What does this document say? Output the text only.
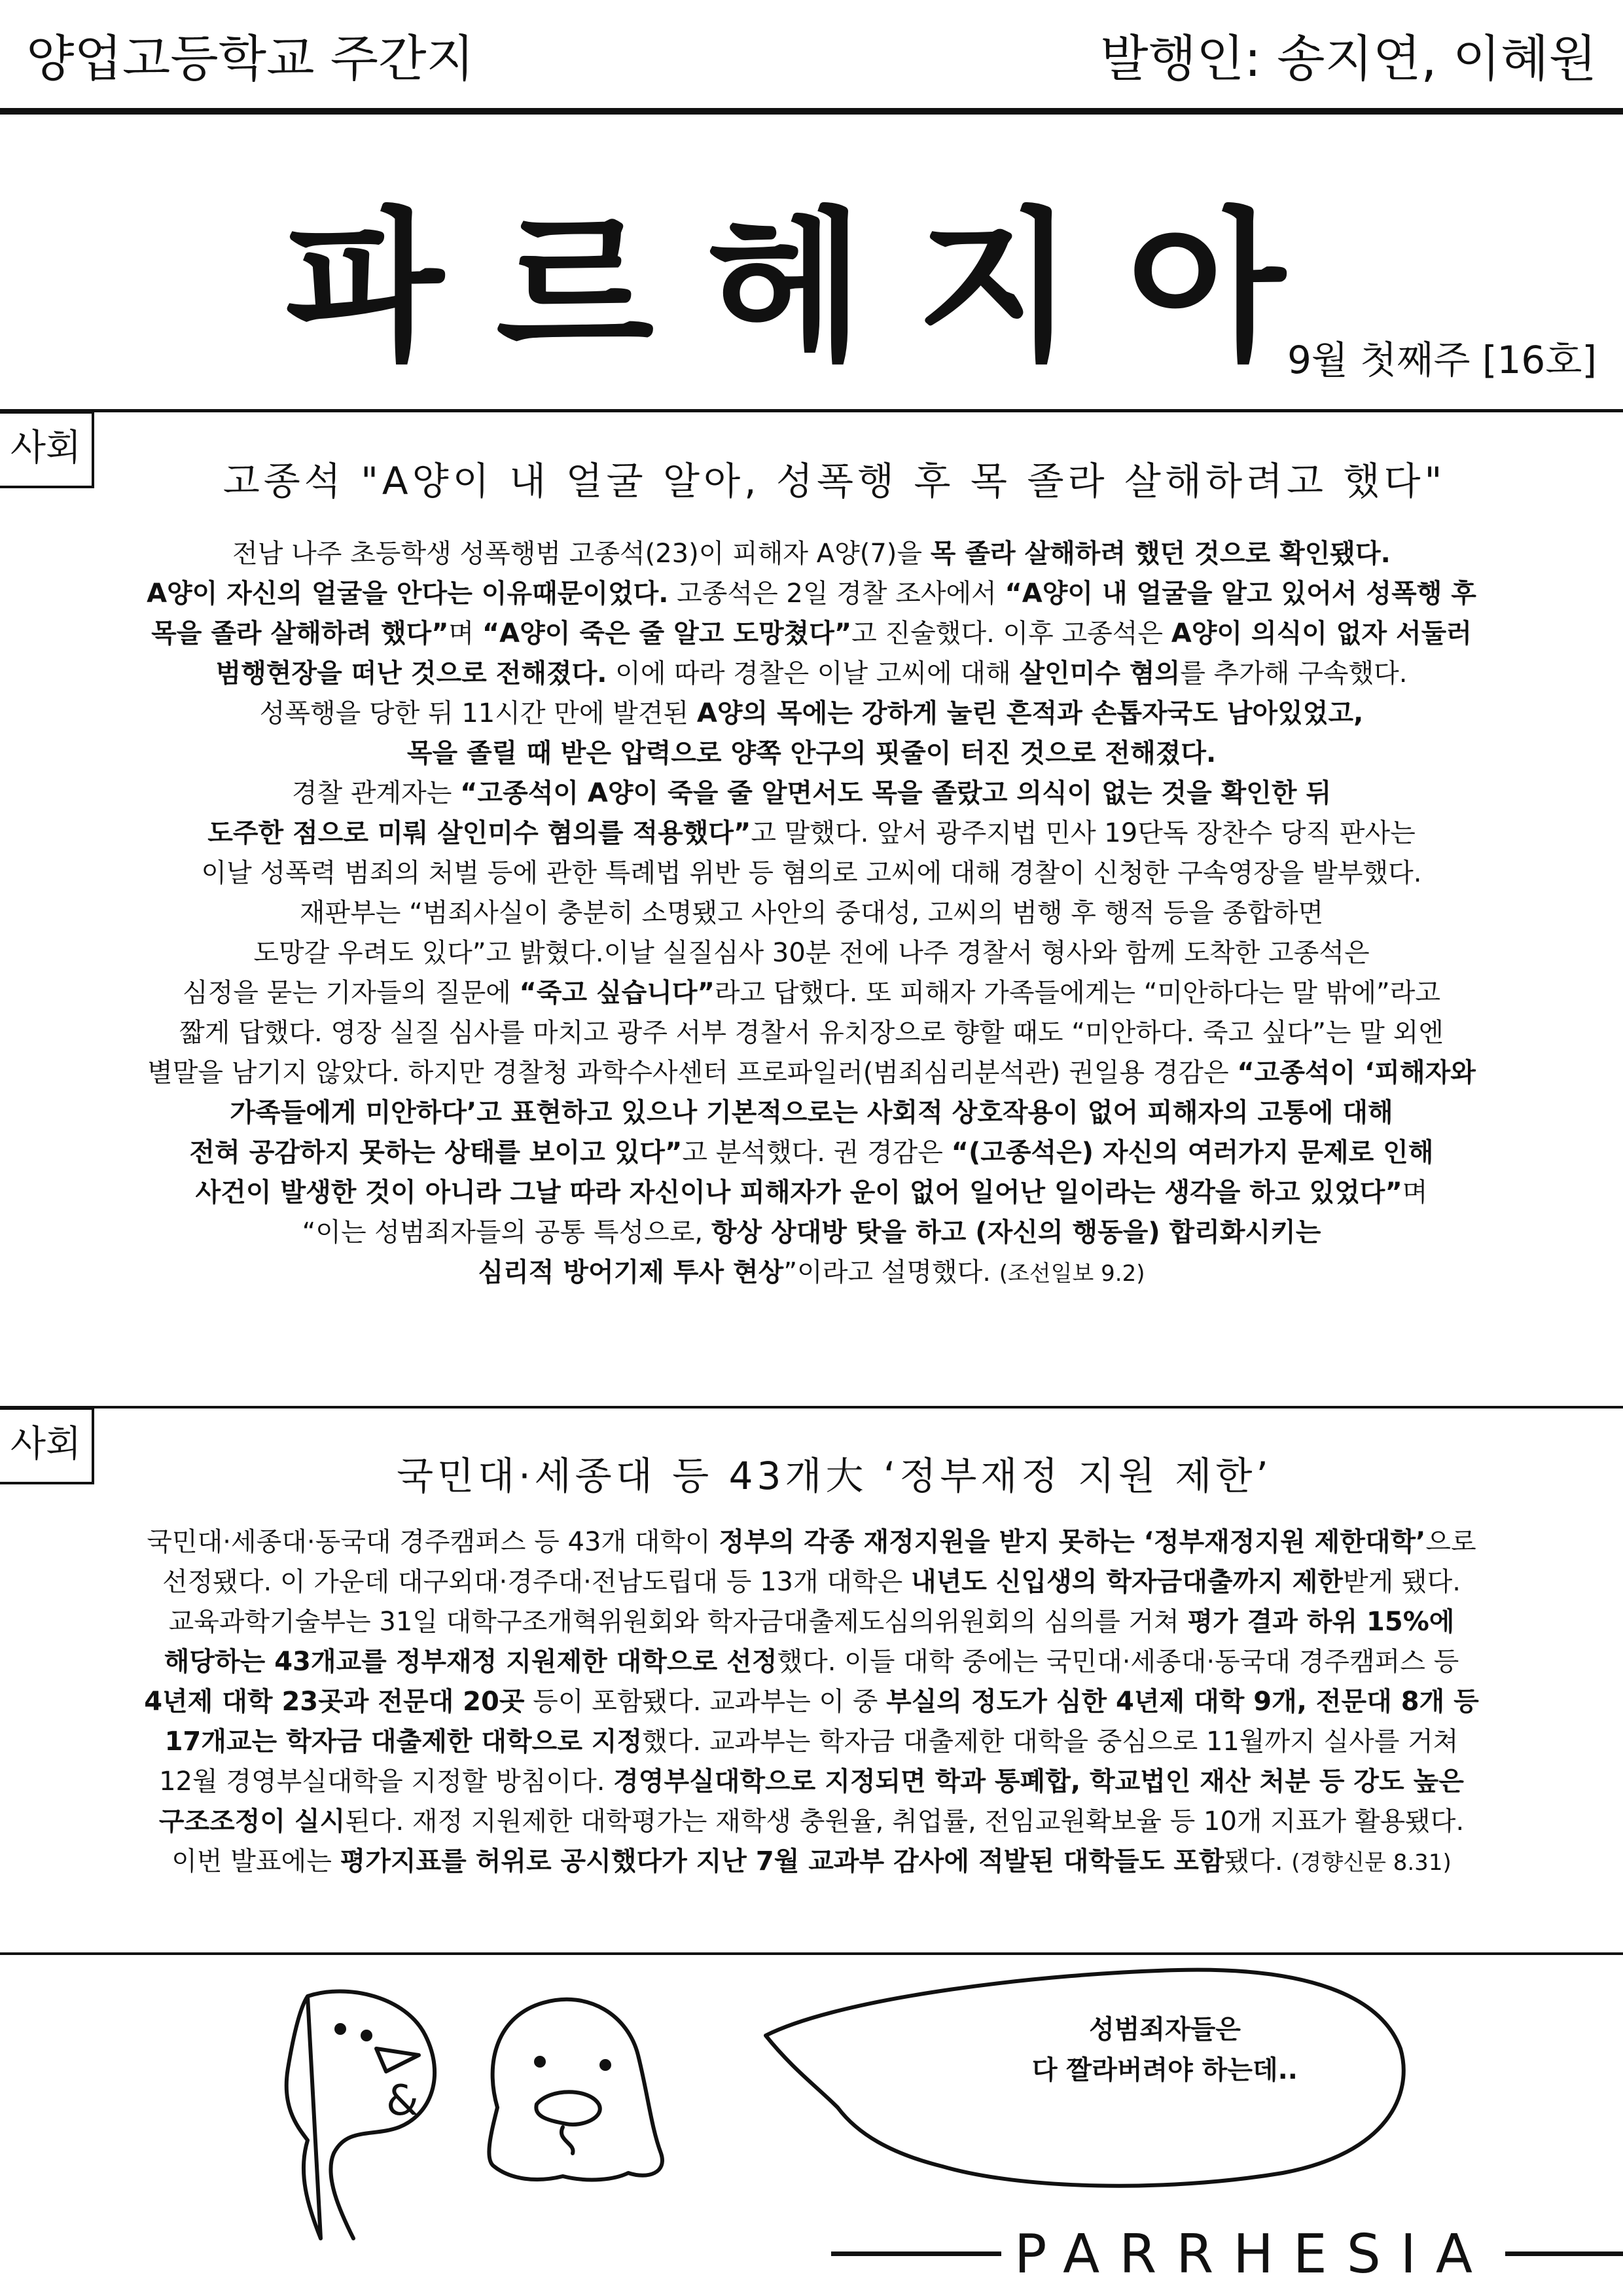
양업고등학교 주간지	발행인: 송지연, 이혜원
파르헤지아
9월 첫째주 [16호]
사회
고종석 "A양이 내 얼굴 알아, 성폭행 후 목 졸라 살해하려고 했다"

전남 나주 초등학생 성폭행범 고종석(23)이 피해자 A양(7)을 목 졸라 살해하려 했던 것으로 확인됐다.

A양이 자신의 얼굴을 안다는 이유때문이었다. 고종석은 2일 경찰 조사에서 “A양이 내 얼굴을 알고 있어서 성폭행 후

목을 졸라 살해하려 했다”며 “A양이 죽은 줄 알고 도망쳤다”고 진술했다. 이후 고종석은 A양이 의식이 없자 서둘러

범행현장을 떠난 것으로 전해졌다. 이에 따라 경찰은 이날 고씨에 대해 살인미수 혐의를 추가해 구속했다.

성폭행을 당한 뒤 11시간 만에 발견된 A양의 목에는 강하게 눌린 흔적과 손톱자국도 남아있었고,

목을 졸릴 때 받은 압력으로 양쪽 안구의 핏줄이 터진 것으로 전해졌다.

경찰 관계자는 “고종석이 A양이 죽을 줄 알면서도 목을 졸랐고 의식이 없는 것을 확인한 뒤

도주한 점으로 미뤄 살인미수 혐의를 적용했다”고 말했다. 앞서 광주지법 민사 19단독 장찬수 당직 판사는

이날 성폭력 범죄의 처벌 등에 관한 특례법 위반 등 혐의로 고씨에 대해 경찰이 신청한 구속영장을 발부했다.

재판부는 “범죄사실이 충분히 소명됐고 사안의 중대성, 고씨의 범행 후 행적 등을 종합하면

도망갈 우려도 있다”고 밝혔다.이날 실질심사 30분 전에 나주 경찰서 형사와 함께 도착한 고종석은

심정을 묻는 기자들의 질문에 “죽고 싶습니다”라고 답했다. 또 피해자 가족들에게는 “미안하다는 말 밖에”라고

짧게 답했다. 영장 실질 심사를 마치고 광주 서부 경찰서 유치장으로 향할 때도 “미안하다. 죽고 싶다”는 말 외엔

별말을 남기지 않았다. 하지만 경찰청 과학수사센터 프로파일러(범죄심리분석관) 권일용 경감은 “고종석이 ‘피해자와

가족들에게 미안하다’고 표현하고 있으나 기본적으로는 사회적 상호작용이 없어 피해자의 고통에 대해

전혀 공감하지 못하는 상태를 보이고 있다”고 분석했다. 권 경감은 “(고종석은) 자신의 여러가지 문제로 인해

사건이 발생한 것이 아니라 그날 따라 자신이나 피해자가 운이 없어 일어난 일이라는 생각을 하고 있었다”며

“이는 성범죄자들의 공통 특성으로, 항상 상대방 탓을 하고 (자신의 행동을) 합리화시키는

심리적 방어기제 투사 현상”이라고 설명했다. (조선일보 9.2)

사회
국민대·세종대 등 43개大 ‘정부재정 지원 제한’

국민대·세종대·동국대 경주캠퍼스 등 43개 대학이 정부의 각종 재정지원을 받지 못하는 ‘정부재정지원 제한대학’으로

선정됐다. 이 가운데 대구외대·경주대·전남도립대 등 13개 대학은 내년도 신입생의 학자금대출까지 제한받게 됐다.

교육과학기술부는 31일 대학구조개혁위원회와 학자금대출제도심의위원회의 심의를 거쳐 평가 결과 하위 15%에

해당하는 43개교를 정부재정 지원제한 대학으로 선정했다. 이들 대학 중에는 국민대·세종대·동국대 경주캠퍼스 등

4년제 대학 23곳과 전문대 20곳 등이 포함됐다. 교과부는 이 중 부실의 정도가 심한 4년제 대학 9개, 전문대 8개 등

17개교는 학자금 대출제한 대학으로 지정했다. 교과부는 학자금 대출제한 대학을 중심으로 11월까지 실사를 거쳐

12월 경영부실대학을 지정할 방침이다. 경영부실대학으로 지정되면 학과 통폐합, 학교법인 재산 처분 등 강도 높은

구조조정이 실시된다. 재정 지원제한 대학평가는 재학생 충원율, 취업률, 전임교원확보율 등 10개 지표가 활용됐다.

이번 발표에는 평가지표를 허위로 공시했다가 지난 7월 교과부 감사에 적발된 대학들도 포함됐다. (경향신문 8.31)

&
성범죄자들은
다 짤라버려야 하는데..
PARRHESIA
